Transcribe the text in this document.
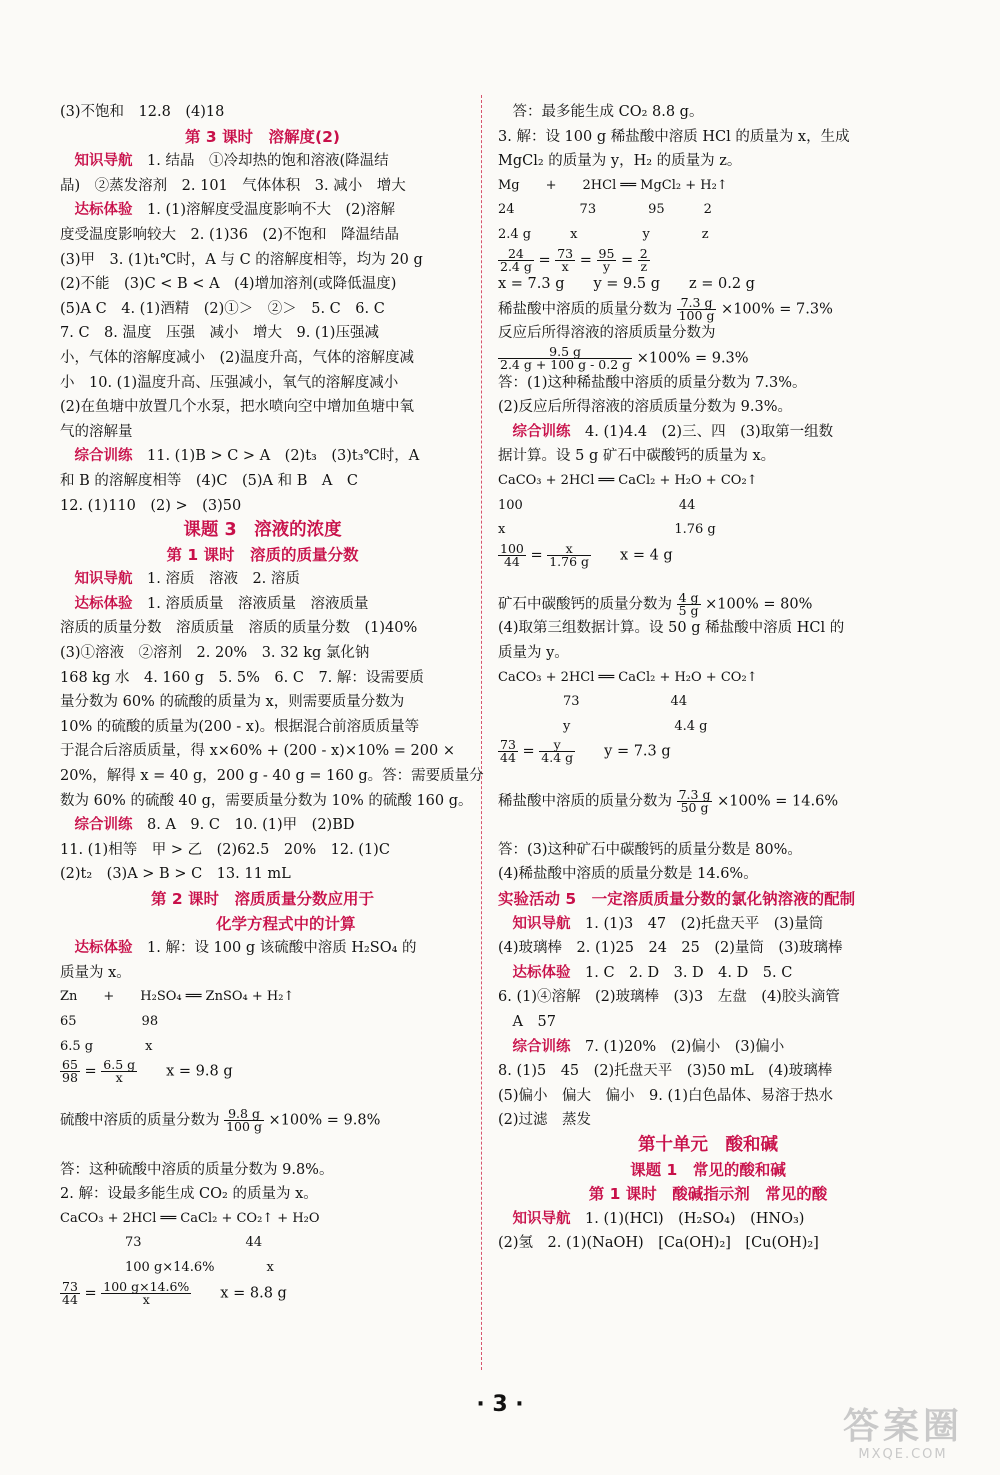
(3)不饱和　12.8　(4)18
第 3 课时　溶解度(2)
　知识导航　1. 结晶　①冷却热的饱和溶液(降温结
晶)　②蒸发溶剂　2. 101　气体体积　3. 减小　增大
　达标体验　1. (1)溶解度受温度影响不大　(2)溶解
度受温度影响较大　2. (1)36　(2)不饱和　降温结晶
(3)甲　3. (1)t₁℃时，A 与 C 的溶解度相等，均为 20 g
(2)不能　(3)C < B < A　(4)增加溶剂(或降低温度)
(5)A C　4. (1)酒精　(2)①＞　②＞　5. C　6. C
7. C　8. 温度　压强　减小　增大　9. (1)压强减
小，气体的溶解度减小　(2)温度升高，气体的溶解度减
小　10. (1)温度升高、压强减小，氧气的溶解度减小
(2)在鱼塘中放置几个水泵，把水喷向空中增加鱼塘中氧
气的溶解量
　综合训练　11. (1)B > C > A　(2)t₃　(3)t₃℃时，A
和 B 的溶解度相等　(4)C　(5)A 和 B　A　C
12. (1)110　(2) >　(3)50
课题 3　溶液的浓度
第 1 课时　溶质的质量分数
　知识导航　1. 溶质　溶液　2. 溶质
　达标体验　1. 溶质质量　溶液质量　溶液质量
溶质的质量分数　溶质质量　溶质的质量分数　(1)40%
(3)①溶液　②溶剂　2. 20%　3. 32 kg 氯化钠
168 kg 水　4. 160 g　5. 5%　6. C　7. 解：设需要质
量分数为 60% 的硫酸的质量为 x，则需要质量分数为
10% 的硫酸的质量为(200 - x)。根据混合前溶质质量等
于混合后溶质质量，得 x×60% + (200 - x)×10% = 200 ×
20%，解得 x = 40 g，200 g - 40 g = 160 g。答：需要质量分
数为 60% 的硫酸 40 g，需要质量分数为 10% 的硫酸 160 g。
　综合训练　8. A　9. C　10. (1)甲　(2)BD
11. (1)相等　甲 > 乙　(2)62.5　20%　12. (1)C
(2)t₂　(3)A > B > C　13. 11 mL
第 2 课时　溶质质量分数应用于
　　　化学方程式中的计算
　达标体验　1. 解：设 100 g 该硫酸中溶质 H₂SO₄ 的
质量为 x。
Zn　　+　　H₂SO₄ ══ ZnSO₄ + H₂↑
65　　　　　98
6.5 g　　　　x
$\frac{65}{98} = \frac{6.5 g}{x}$ 　　x = 9.8 g
硫酸中溶质的质量分数为 $\frac{9.8 g}{100 g} \times 100\% = 9.8\%$
答：这种硫酸中溶质的质量分数为 9.8%。
2. 解：设最多能生成 CO₂ 的质量为 x。
CaCO₃ + 2HCl ══ CaCl₂ + CO₂↑ + H₂O
　　　　　73　　　　　　　　44
　　　　　100 g×14.6%　　　　x
$\frac{73}{44} = \frac{100 g\times 14.6\%}{x}$ 　　x = 8.8 g
　答：最多能生成 CO₂ 8.8 g。
3. 解：设 100 g 稀盐酸中溶质 HCl 的质量为 x，生成
MgCl₂ 的质量为 y，H₂ 的质量为 z。
Mg　　+　　2HCl ══ MgCl₂ + H₂↑
24　　　　　73　　　　95　　　2
2.4 g　　　x　　　　　y　　　　z
$\frac{24}{2.4 g} = \frac{73}{x} = \frac{95}{y} = \frac{2}{z}$
x = 7.3 g　　y = 9.5 g　　z = 0.2 g
稀盐酸中溶质的质量分数为 $\frac{7.3 g}{100 g} \times 100\% = 7.3\%$
反应后所得溶液的溶质质量分数为
$\frac{9.5 g}{2.4 g + 100 g - 0.2 g} \times 100\% = 9.3\%$
答：(1)这种稀盐酸中溶质的质量分数为 7.3%。
(2)反应后所得溶液的溶质质量分数为 9.3%。
　综合训练　4. (1)4.4　(2)三、四　(3)取第一组数
据计算。设 5 g 矿石中碳酸钙的质量为 x。
CaCO₃ + 2HCl ══ CaCl₂ + H₂O + CO₂↑
100　　　　　　　　　　　　44
x　　　　　　　　　　　　　1.76 g
$\frac{100}{44} = \frac{x}{1.76 g}$ 　　x = 4 g
矿石中碳酸钙的质量分数为 $\frac{4 g}{5 g} \times 100\% = 80\%$
(4)取第三组数据计算。设 50 g 稀盐酸中溶质 HCl 的
质量为 y。
CaCO₃ + 2HCl ══ CaCl₂ + H₂O + CO₂↑
　　　　　73　　　　　　　44
　　　　　y　　　　　　　　4.4 g
$\frac{73}{44} = \frac{y}{4.4 g}$ 　　y = 7.3 g
稀盐酸中溶质的质量分数为 $\frac{7.3 g}{50 g} \times 100\% = 14.6\%$
答：(3)这种矿石中碳酸钙的质量分数是 80%。
(4)稀盐酸中溶质的质量分数是 14.6%。
实验活动 5　一定溶质质量分数的氯化钠溶液的配制
　知识导航　1. (1)3　47　(2)托盘天平　(3)量筒
(4)玻璃棒　2. (1)25　24　25　(2)量筒　(3)玻璃棒
　达标体验　1. C　2. D　3. D　4. D　5. C
6. (1)④溶解　(2)玻璃棒　(3)3　左盘　(4)胶头滴管
　A　57
　综合训练　7. (1)20%　(2)偏小　(3)偏小
8. (1)5　45　(2)托盘天平　(3)50 mL　(4)玻璃棒
(5)偏小　偏大　偏小　9. (1)白色晶体、易溶于热水
(2)过滤　蒸发
第十单元　酸和碱
课题 1　常见的酸和碱
第 1 课时　酸碱指示剂　常见的酸
　知识导航　1. (1)(HCl)　(H₂SO₄)　(HNO₃)
(2)氢　2. (1)(NaOH)　[Ca(OH)₂]　[Cu(OH)₂]
· 3 ·
答案圈
MXQE.COM
